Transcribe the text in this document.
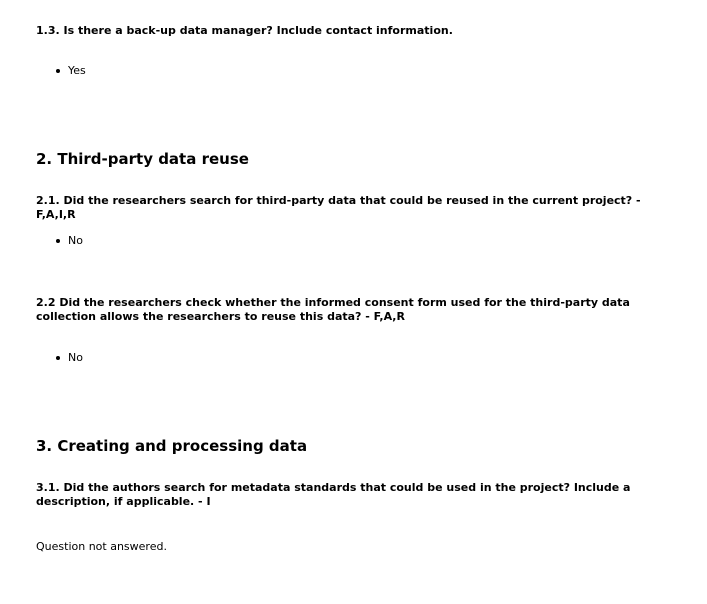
1.3. Is there a back-up data manager? Include contact information.

Yes
2. Third-party data reuse

2.1. Did the researchers search for third-party data that could be reused in the current project? - F,A,I,R

No

2.2 Did the researchers check whether the informed consent form used for the third-party data collection allows the researchers to reuse this data? - F,A,R

No
3. Creating and processing data

3.1. Did the authors search for metadata standards that could be used in the project? Include a description, if applicable. - I

Question not answered.
